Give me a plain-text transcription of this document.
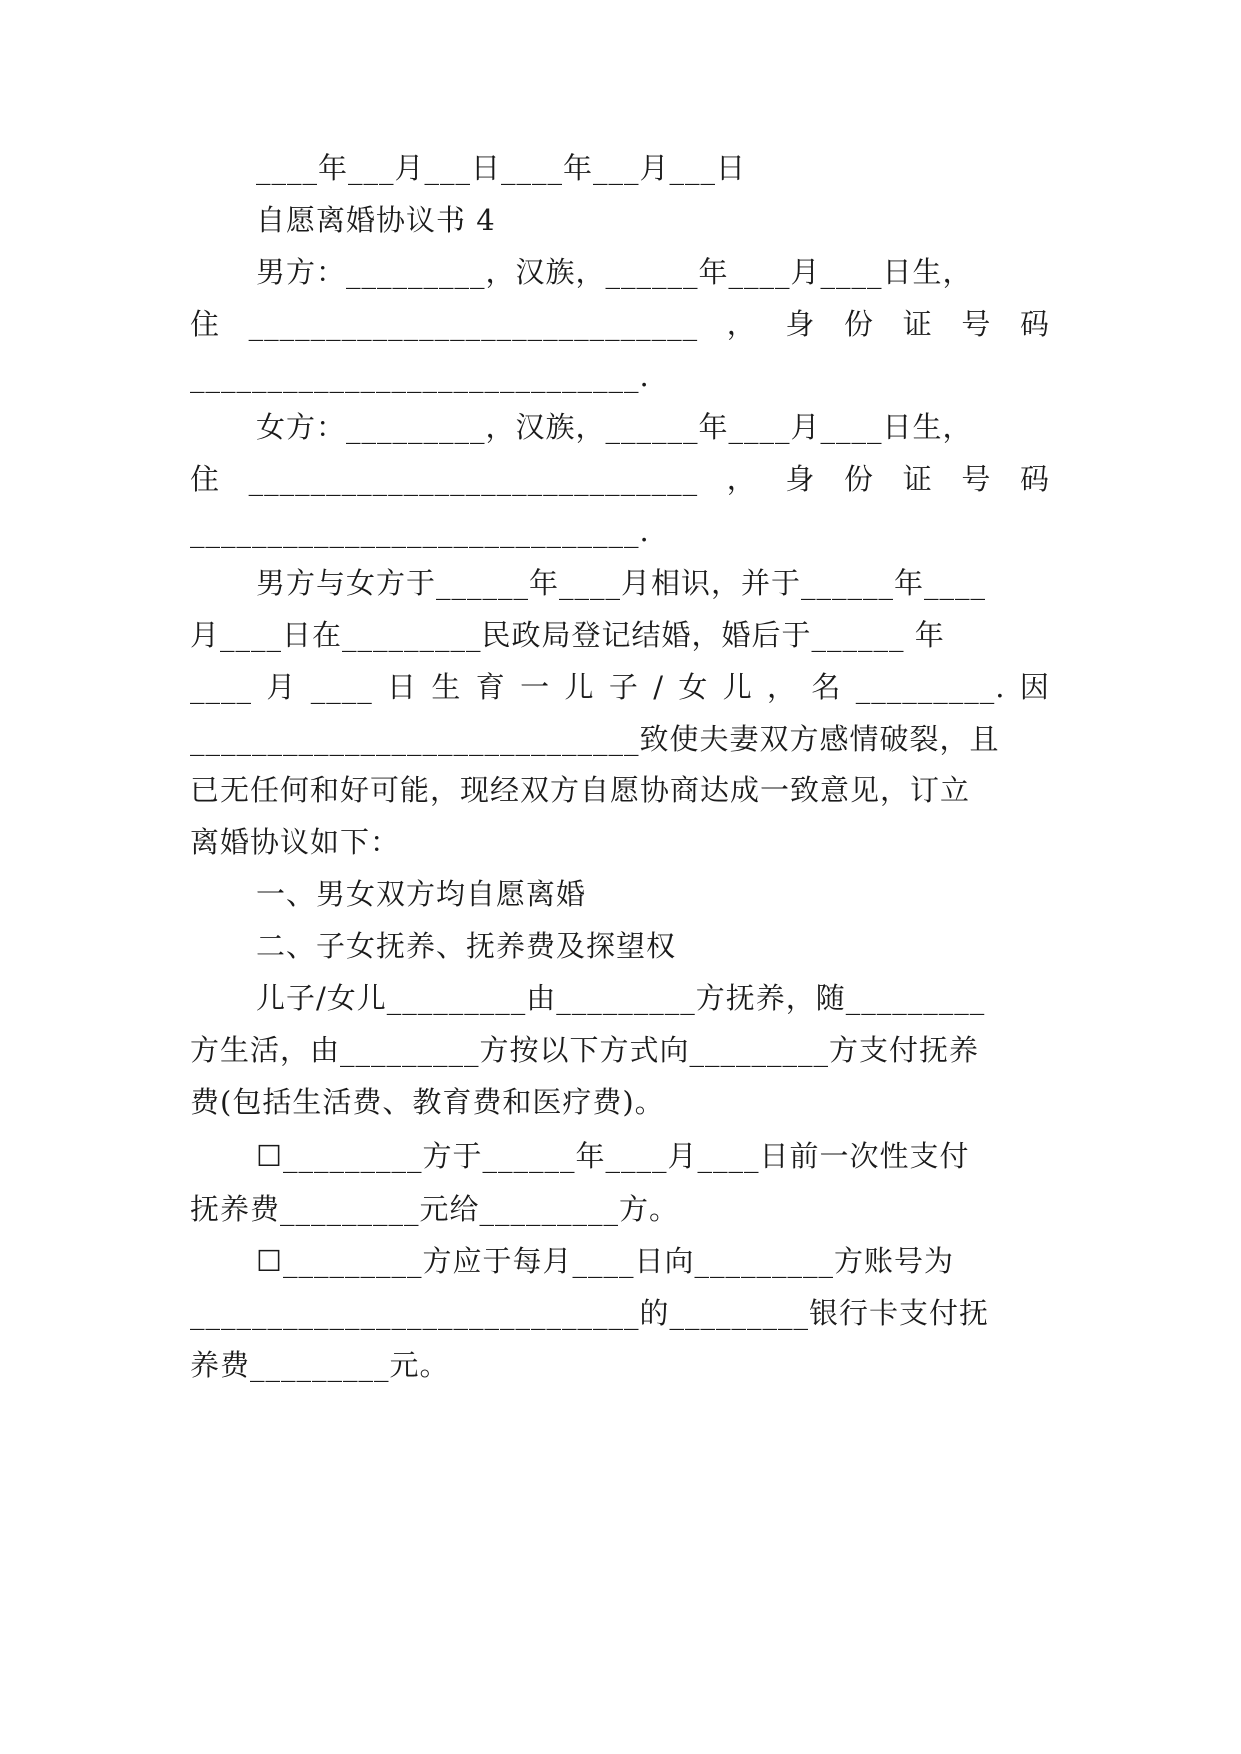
____年___月___日____年___月___日
自愿离婚协议书 4
男方：_________，汉族，______年____月____日生，
住 _____________________________ ， 身 份 证 号 码
_____________________________.
女方：_________，汉族，______年____月____日生，
住 _____________________________ ， 身 份 证 号 码
_____________________________.
男方与女方于______年____月相识，并于______年____
月____日在_________民政局登记结婚，婚后于______ 年
____ 月 ____ 日 生 育 一 儿 子 / 女 儿 ， 名 _________. 因
_____________________________致使夫妻双方感情破裂，且
已无任何和好可能，现经双方自愿协商达成一致意见，订立
离婚协议如下：
一、男女双方均自愿离婚
二、子女抚养、抚养费及探望权
儿子/女儿_________由_________方抚养，随_________
方生活，由_________方按以下方式向_________方支付抚养
费(包括生活费、教育费和医疗费)。
☐_________方于______年____月____日前一次性支付
抚养费_________元给_________方。
☐_________方应于每月____日向_________方账号为
_____________________________的_________银行卡支付抚
养费_________元。
